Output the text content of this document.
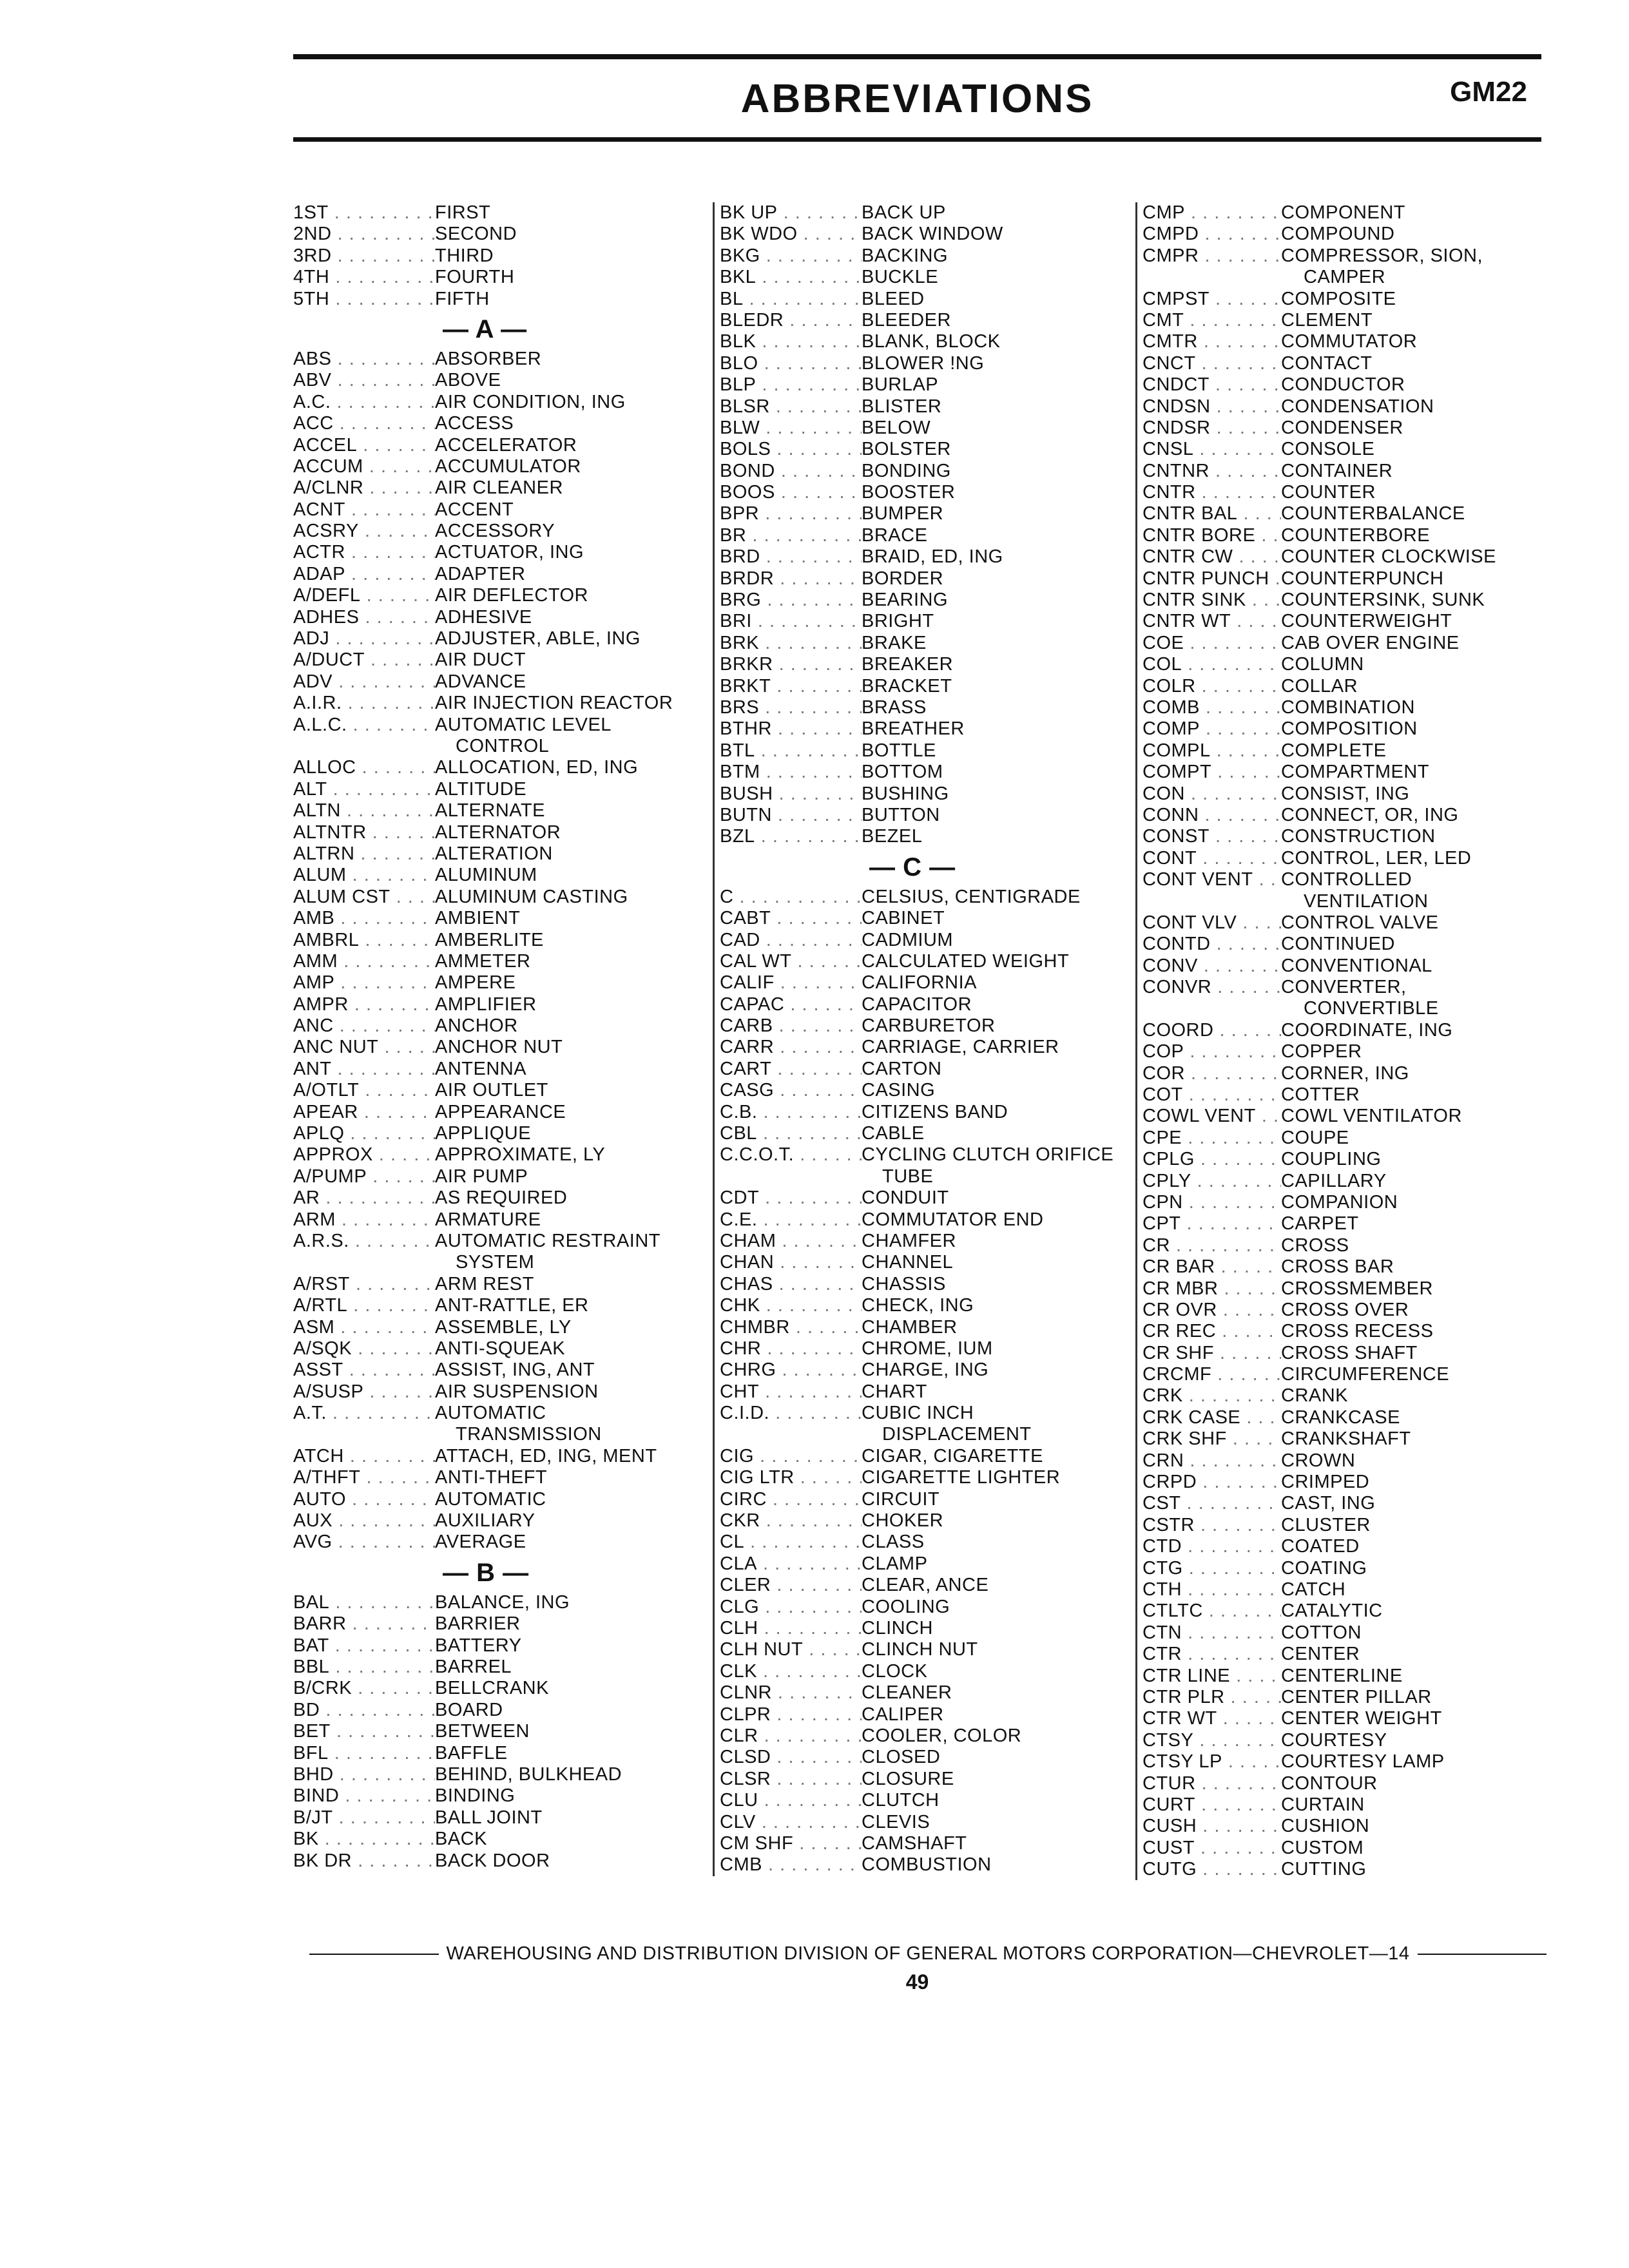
ABBREVIATIONS	GM22
1ST . . .	FIRST
2ND . . .	SECOND
3RD . . .	THIRD
4TH . . .	FOURTH
5TH . . .	FIFTH
— A —
ABS . . .	ABSORBER
ABV . . .	ABOVE
A.C. . . .	AIR CONDITION, ING
ACC . . .	ACCESS
ACCEL . . .	ACCELERATOR
ACCUM . . .	ACCUMULATOR
A/CLNR . . .	AIR CLEANER
ACNT . . .	ACCENT
ACSRY . . .	ACCESSORY
ACTR . . .	ACTUATOR, ING
ADAP . . .	ADAPTER
A/DEFL . . .	AIR DEFLECTOR
ADHES . . .	ADHESIVE
ADJ . . .	ADJUSTER, ABLE, ING
A/DUCT . . .	AIR DUCT
ADV . . .	ADVANCE
A.I.R. . . .	AIR INJECTION REACTOR
A.L.C. . . .	AUTOMATIC LEVEL
CONTROL
ALLOC . . .	ALLOCATION, ED, ING
ALT . . .	ALTITUDE
ALTN . . .	ALTERNATE
ALTNTR . . .	ALTERNATOR
ALTRN . . .	ALTERATION
ALUM . . .	ALUMINUM
ALUM CST . . . ALUMINUM CASTING
AMB . . .	AMBIENT
AMBRL . . .	AMBERLITE
AMM . . .	AMMETER
AMP . . .	AMPERE
AMPR . . .	AMPLIFIER
ANC . . .	ANCHOR
ANC NUT . . .	ANCHOR NUT
ANT . . .	ANTENNA
A/OTLT . . .	AIR OUTLET
APEAR . . .	APPEARANCE
APLQ . . .	APPLIQUE
APPROX . . .	APPROXIMATE, LY
A/PUMP . . .	AIR PUMP
AR . . .	AS REQUIRED
ARM . . .	ARMATURE
A.R.S. . . .	AUTOMATIC RESTRAINT
SYSTEM
A/RST . . .	ARM REST
A/RTL . . .	ANT-RATTLE, ER
ASM . . .	ASSEMBLE, LY
A/SQK . . .	ANTI-SQUEAK
ASST . . .	ASSIST, ING, ANT
A/SUSP . . .	AIR SUSPENSION
A.T. . . .	AUTOMATIC
TRANSMISSION
ATCH . . .	ATTACH, ED, ING, MENT
A/THFT . . .	ANTI-THEFT
AUTO . . .	AUTOMATIC
AUX . . .	AUXILIARY
AVG . . .	AVERAGE
— B —
BAL . . .	BALANCE, ING
BARR . . .	BARRIER
BAT . . .	BATTERY
BBL . . .	BARREL
B/CRK . . .	BELLCRANK
BD . . .	BOARD
BET . . .	BETWEEN
BFL . . .	BAFFLE
BHD . . .	BEHIND, BULKHEAD
BIND . . .	BINDING
B/JT . . .	BALL JOINT
BK . . .	BACK
BK DR . . .	BACK DOOR
BK UP . . .	BACK UP
BK WDO . . .	BACK WINDOW
BKG . . .	BACKING
BKL . . .	BUCKLE
BL . . .	BLEED
BLEDR . . .	BLEEDER
BLK . . .	BLANK, BLOCK
BLO . . .	BLOWER !NG
BLP . . .	BURLAP
BLSR . . .	BLISTER
BLW . . .	BELOW
BOLS . . .	BOLSTER
BOND . . .	BONDING
BOOS . . .	BOOSTER
BPR . . .	BUMPER
BR . . .	BRACE
BRD . . .	BRAID, ED, ING
BRDR . . .	BORDER
BRG . . .	BEARING
BRI . . .	BRIGHT
BRK . . .	BRAKE
BRKR . . .	BREAKER
BRKT . . .	BRACKET
BRS . . .	BRASS
BTHR . . .	BREATHER
BTL . . .	BOTTLE
BTM . . .	BOTTOM
BUSH . . .	BUSHING
BUTN . . .	BUTTON
BZL . . .	BEZEL
— C —
C . . .	CELSIUS, CENTIGRADE
CABT . . .	CABINET
CAD . . .	CADMIUM
CAL WT . . .	CALCULATED WEIGHT
CALIF . . .	CALIFORNIA
CAPAC . . .	CAPACITOR
CARB . . .	CARBURETOR
CARR . . .	CARRIAGE, CARRIER
CART . . .	CARTON
CASG . . .	CASING
C.B. . . .	CITIZENS BAND
CBL . . .	CABLE
C.C.O.T. . . .	CYCLING CLUTCH ORIFICE
TUBE
CDT . . .	CONDUIT
C.E. . . .	COMMUTATOR END
CHAM . . .	CHAMFER
CHAN . . .	CHANNEL
CHAS . . .	CHASSIS
CHK . . .	CHECK, ING
CHMBR . . .	CHAMBER
CHR . . .	CHROME, IUM
CHRG . . .	CHARGE, ING
CHT . . .	CHART
C.I.D. . . .	CUBIC INCH
DISPLACEMENT
CIG . . .	CIGAR, CIGARETTE
CIG LTR . . .	CIGARETTE LIGHTER
CIRC . . .	CIRCUIT
CKR . . .	CHOKER
CL . . .	CLASS
CLA . . .	CLAMP
CLER . . .	CLEAR, ANCE
CLG . . .	COOLING
CLH . . .	CLINCH
CLH NUT . . .	CLINCH NUT
CLK . . .	CLOCK
CLNR . . .	CLEANER
CLPR . . .	CALIPER
CLR . . .	COOLER, COLOR
CLSD . . .	CLOSED
CLSR . . .	CLOSURE
CLU . . .	CLUTCH
CLV . . .	CLEVIS
CM SHF . . .	CAMSHAFT
CMB . . .	COMBUSTION
CMP . . .	COMPONENT
CMPD . . .	COMPOUND
CMPR . . .	COMPRESSOR, SION,
CAMPER
CMPST . . .	COMPOSITE
CMT . . .	CLEMENT
CMTR . . .	COMMUTATOR
CNCT . . .	CONTACT
CNDCT . . .	CONDUCTOR
CNDSN . . .	CONDENSATION
CNDSR . . .	CONDENSER
CNSL . . .	CONSOLE
CNTNR . . .	CONTAINER
CNTR . . .	COUNTER
CNTR BAL . . . COUNTERBALANCE
CNTR BORE . . . COUNTERBORE
CNTR CW . . .	COUNTER CLOCKWISE
CNTR PUNCH . . . COUNTERPUNCH
CNTR SINK . . . COUNTERSINK, SUNK
CNTR WT . . .	COUNTERWEIGHT
COE . . .	CAB OVER ENGINE
COL . . .	COLUMN
COLR . . .	COLLAR
COMB . . .	COMBINATION
COMP . . .	COMPOSITION
COMPL . . .	COMPLETE
COMPT . . .	COMPARTMENT
CON . . .	CONSIST, ING
CONN . . .	CONNECT, OR, ING
CONST . . .	CONSTRUCTION
CONT . . .	CONTROL, LER, LED
CONT VENT . . . CONTROLLED
VENTILATION
CONT VLV . . . CONTROL VALVE
CONTD . . .	CONTINUED
CONV . . .	CONVENTIONAL
CONVR . . .	CONVERTER,
CONVERTIBLE
COORD . . .	COORDINATE, ING
COP . . .	COPPER
COR . . .	CORNER, ING
COT . . .	COTTER
COWL VENT . . . COWL VENTILATOR
CPE . . .	COUPE
CPLG . . .	COUPLING
CPLY . . .	CAPILLARY
CPN . . .	COMPANION
CPT . . .	CARPET
CR . . .	CROSS
CR BAR . . .	CROSS BAR
CR MBR . . .	CROSSMEMBER
CR OVR . . .	CROSS OVER
CR REC . . .	CROSS RECESS
CR SHF . . .	CROSS SHAFT
CRCMF . . .	CIRCUMFERENCE
CRK . . .	CRANK
CRK CASE . . . CRANKCASE
CRK SHF . . .	CRANKSHAFT
CRN . . .	CROWN
CRPD . . .	CRIMPED
CST . . .	CAST, ING
CSTR . . .	CLUSTER
CTD . . .	COATED
CTG . . .	COATING
CTH . . .	CATCH
CTLTC . . .	CATALYTIC
CTN . . .	COTTON
CTR . . .	CENTER
CTR LINE . . .	CENTERLINE
CTR PLR . . .	CENTER PILLAR
CTR WT . . .	CENTER WEIGHT
CTSY . . .	COURTESY
CTSY LP . . .	COURTESY LAMP
CTUR . . .	CONTOUR
CURT . . .	CURTAIN
CUSH . . .	CUSHION
CUST . . .	CUSTOM
CUTG . . .	CUTTING
WAREHOUSING AND DISTRIBUTION DIVISION OF GENERAL MOTORS CORPORATION—CHEVROLET—14
49
